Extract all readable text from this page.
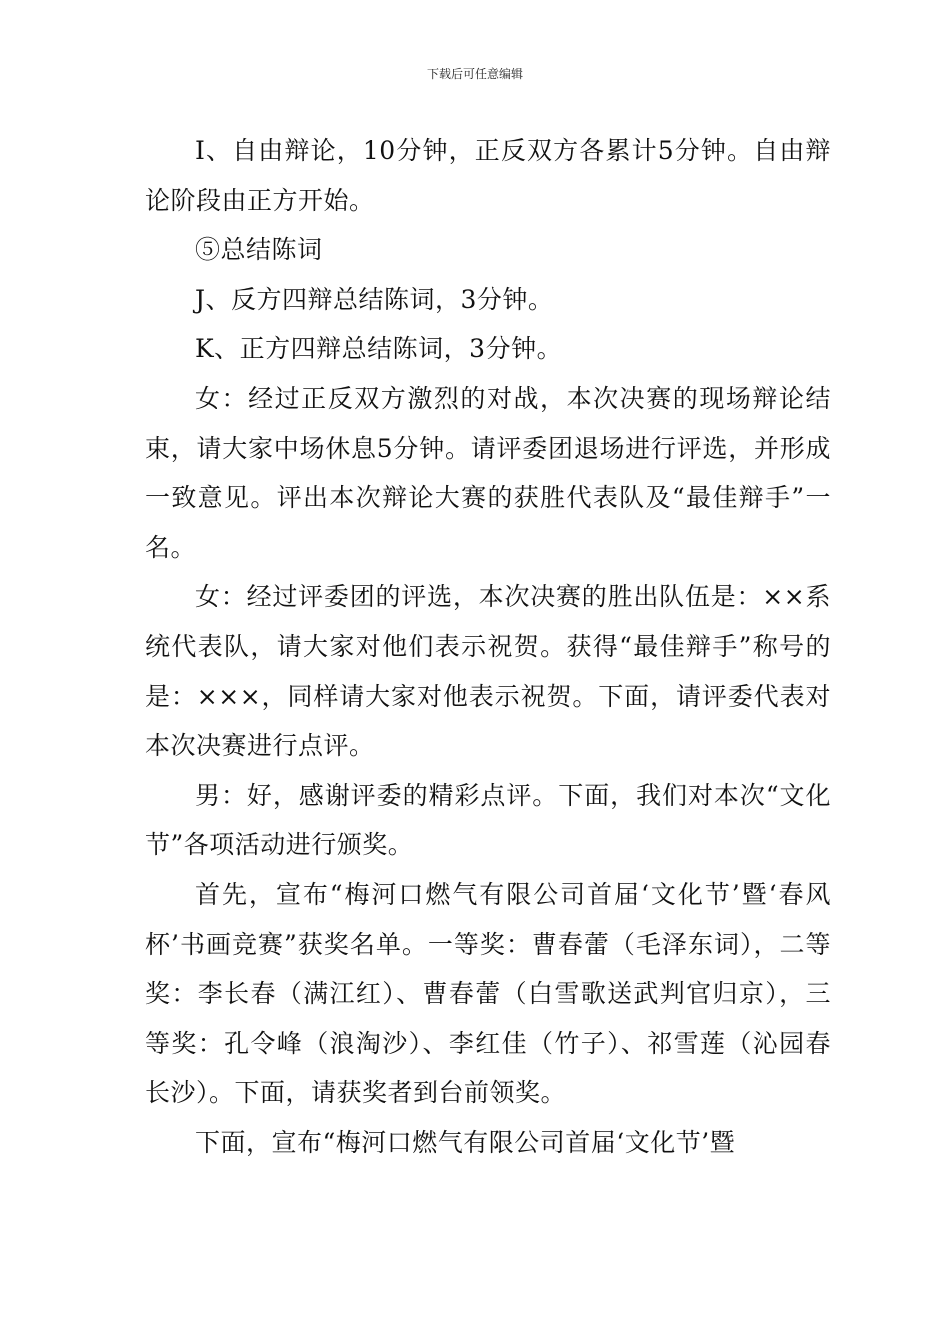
下载后可任意编辑

I、自由辩论，10分钟，正反双方各累计5分钟。自由辩论阶段由正方开始。

⑤总结陈词

J、反方四辩总结陈词，3分钟。

K、正方四辩总结陈词，3分钟。

女：经过正反双方激烈的对战，本次决赛的现场辩论结束，请大家中场休息5分钟。请评委团退场进行评选，并形成一致意见。评出本次辩论大赛的获胜代表队及“最佳辩手”一名。

女：经过评委团的评选，本次决赛的胜出队伍是：××系统代表队，请大家对他们表示祝贺。获得“最佳辩手”称号的是：×××，同样请大家对他表示祝贺。下面，请评委代表对本次决赛进行点评。

男：好，感谢评委的精彩点评。下面，我们对本次“文化节”各项活动进行颁奖。

首先，宣布“梅河口燃气有限公司首届‘文化节’暨‘春风杯’书画竞赛”获奖名单。一等奖：曹春蕾（毛泽东词），二等奖：李长春（满江红）、曹春蕾（白雪歌送武判官归京），三等奖：孔令峰（浪淘沙）、李红佳（竹子）、祁雪莲（沁园春长沙）。下面，请获奖者到台前领奖。

下面，宣布“梅河口燃气有限公司首届‘文化节’暨
